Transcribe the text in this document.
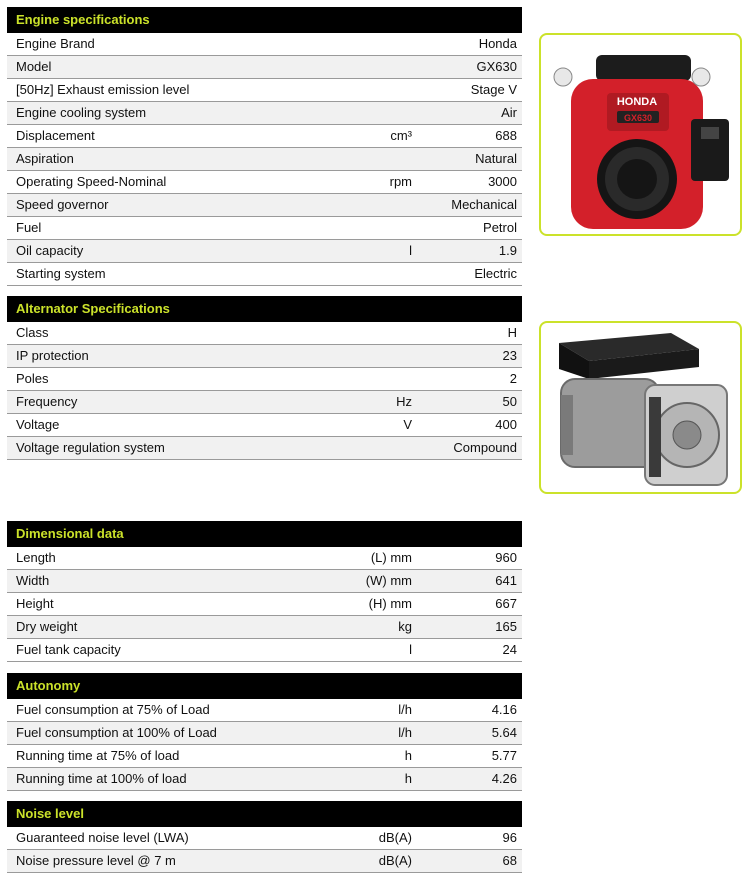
Engine specifications
Engine Brand	Honda
Model	GX630
[50Hz] Exhaust emission level	Stage V
Engine cooling system	Air
Displacement	cm³	688
Aspiration	Natural
Operating Speed-Nominal	rpm	3000
Speed governor	Mechanical
Fuel	Petrol
Oil capacity	l	1.9
Starting system	Electric
Alternator Specifications
Class	H
IP protection	23
Poles	2
Frequency	Hz	50
Voltage	V	400
Voltage regulation system	Compound
Dimensional data
Length	(L) mm	960
Width	(W) mm	641
Height	(H) mm	667
Dry weight	kg	165
Fuel tank capacity	l	24
Autonomy
Fuel consumption at 75% of Load	l/h	4.16
Fuel consumption at 100% of Load	l/h	5.64
Running time at 75% of load	h	5.77
Running time at 100% of load	h	4.26
Noise level
Guaranteed noise level (LWA)	dB(A)	96
Noise pressure level @ 7 m	dB(A)	68
HONDA
GX630
